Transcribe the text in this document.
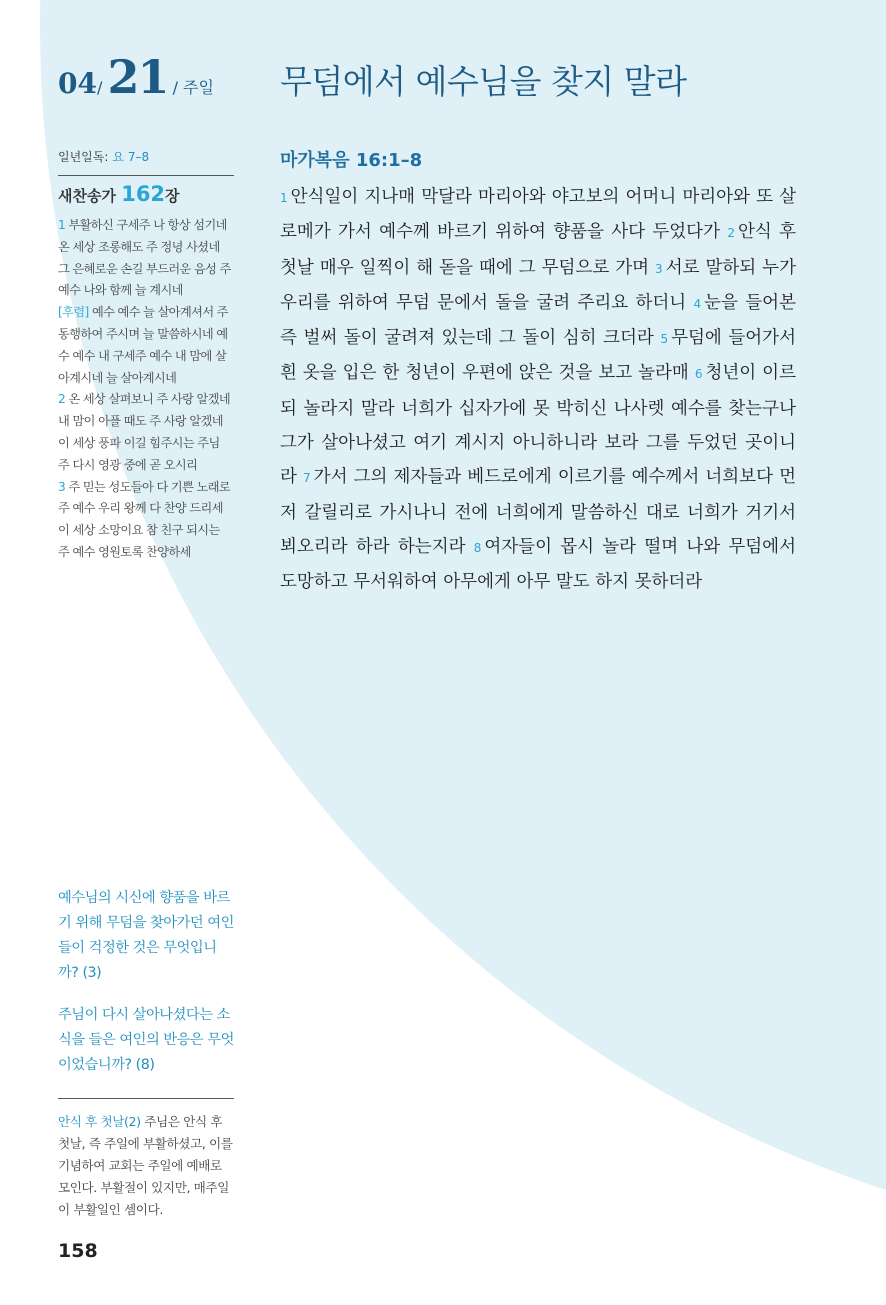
04/ 21 / 주일 무덤에서 예수님을 찾지 말라
일년일독: 요 7–8
새찬송가 162장
1 부활하신 구세주 나 항상 섬기네 온 세상 조롱해도 주 정녕 사셨네 그 은혜로운 손길 부드러운 음성 주 예수 나와 함께 늘 계시네
[후렴] 예수 예수 늘 살아계셔서 주 동행하여 주시며 늘 말씀하시네 예수 예수 내 구세주 예수 내 맘에 살아계시네 늘 살아계시네
2 온 세상 살펴보니 주 사랑 알겠네 내 맘이 아플 때도 주 사랑 알겠네 이 세상 풍파 이길 힘주시는 주님 주 다시 영광 중에 곧 오시리
3 주 믿는 성도들아 다 기쁜 노래로 주 예수 우리 왕께 다 찬양 드리세 이 세상 소망이요 참 친구 되시는 주 예수 영원토록 찬양하세
예수님의 시신에 향품을 바르기 위해 무덤을 찾아가던 여인들이 걱정한 것은 무엇입니까? (3)
주님이 다시 살아나셨다는 소식을 들은 여인의 반응은 무엇이었습니까? (8)
안식 후 첫날(2) 주님은 안식 후 첫날, 즉 주일에 부활하셨고, 이를 기념하여 교회는 주일에 예배로 모인다. 부활절이 있지만, 매주일이 부활일인 셈이다.
158
마가복음 16:1–8
1 안식일이 지나매 막달라 마리아와 야고보의 어머니 마리아와 또 살로메가 가서 예수께 바르기 위하여 향품을 사다 두었다가 2 안식 후 첫날 매우 일찍이 해 돋을 때에 그 무덤으로 가며 3 서로 말하되 누가 우리를 위하여 무덤 문에서 돌을 굴려 주리요 하더니 4 눈을 들어본즉 벌써 돌이 굴려져 있는데 그 돌이 심히 크더라 5 무덤에 들어가서 흰 옷을 입은 한 청년이 우편에 앉은 것을 보고 놀라매 6 청년이 이르되 놀라지 말라 너희가 십자가에 못 박히신 나사렛 예수를 찾는구나 그가 살아나셨고 여기 계시지 아니하니라 보라 그를 두었던 곳이니라 7 가서 그의 제자들과 베드로에게 이르기를 예수께서 너희보다 먼저 갈릴리로 가시나니 전에 너희에게 말씀하신 대로 너희가 거기서 뵈오리라 하라 하는지라 8 여자들이 몹시 놀라 떨며 나와 무덤에서 도망하고 무서워하여 아무에게 아무 말도 하지 못하더라
